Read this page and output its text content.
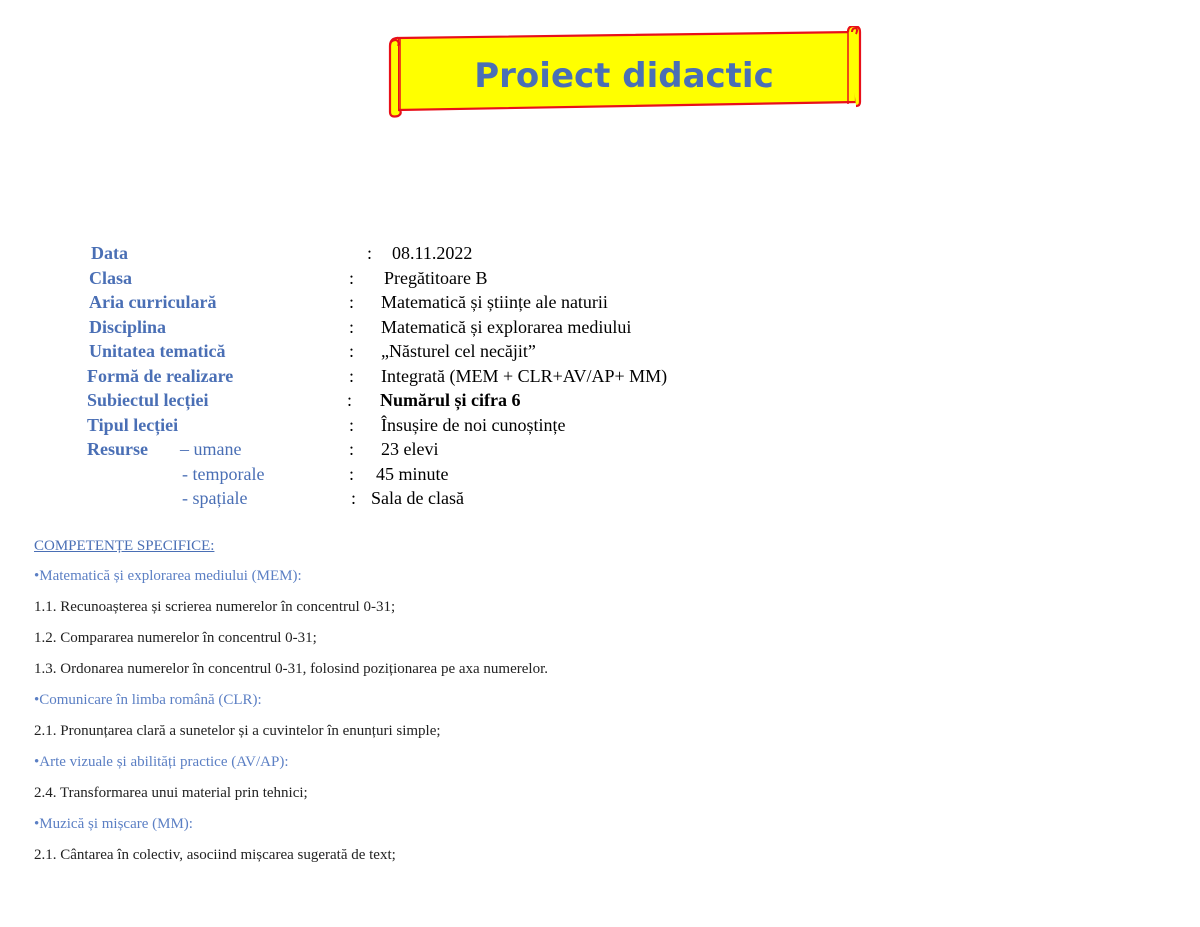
Proiect didactic
Data	: 08.11.2022
Clasa	: Pregătitoare B
Aria curriculară	: Matematică și științe ale naturii
Disciplina	: Matematică și explorarea mediului
Unitatea tematică	: „Năsturel cel necăjit”
Formă de realizare	: Integrată (MEM + CLR+AV/AP+ MM)
Subiectul lecției	: Numărul și cifra 6
Tipul lecției	: Însușire de noi cunoștințe
Resurse – umane	: 23 elevi
- temporale	: 45 minute
- spațiale	: Sala de clasă
COMPETENȚE SPECIFICE:
•Matematică și explorarea mediului (MEM):
1.1. Recunoașterea și scrierea numerelor în concentrul 0-31;
1.2. Compararea numerelor în concentrul 0-31;
1.3. Ordonarea numerelor în concentrul 0-31, folosind poziționarea pe axa numerelor.
•Comunicare în limba română (CLR):
2.1. Pronunțarea clară a sunetelor și a cuvintelor în enunțuri simple;
•Arte vizuale și abilități practice (AV/AP):
2.4. Transformarea unui material prin tehnici;
•Muzică și mișcare (MM):
2.1. Cântarea în colectiv, asociind mișcarea sugerată de text;
